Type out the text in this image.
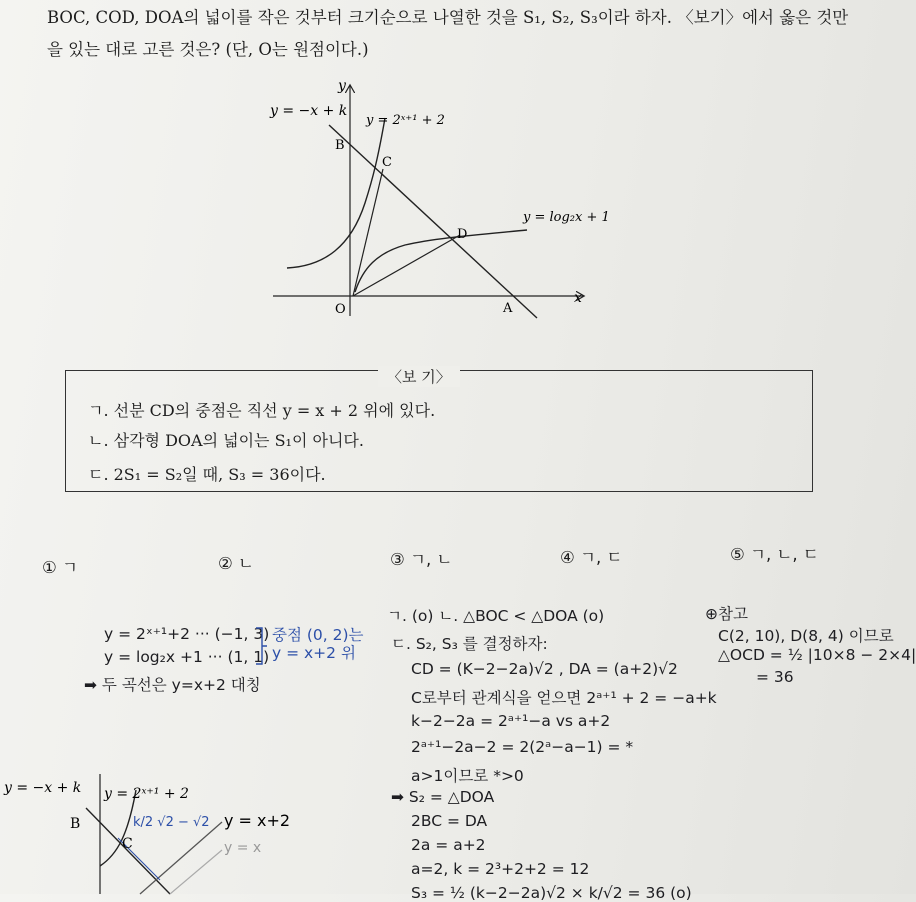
BOC, COD, DOA의 넓이를 작은 것부터 크기순으로 나열한 것을 S₁, S₂, S₃이라 하자. 〈보기〉에서 옳은 것만

을 있는 대로 고른 것은? (단, O는 원점이다.)

y
x
y = −x + k
y = 2ˣ⁺¹ + 2
y = log₂x + 1
B
C
D
O	A
〈보 기〉

ㄱ. 선분 CD의 중점은 직선 y = x + 2 위에 있다.

ㄴ. 삼각형 DOA의 넓이는 S₁이 아니다.

ㄷ. 2S₁ = S₂일 때, S₃ = 36이다.

① ㄱ	② ㄴ	③ ㄱ, ㄴ	④ ㄱ, ㄷ	⑤ ㄱ, ㄴ, ㄷ

y = 2ˣ⁺¹+2 ··· (−1, 3)

y = log₂x +1 ··· (1, 1)

중점 (0, 2)는

y = x+2 위

➡ 두 곡선은 y=x+2 대칭

ㄱ. (o) ㄴ. △BOC < △DOA (o)

ㄷ. S₂, S₃ 를 결정하자:

CD = (K−2−2a)√2 , DA = (a+2)√2

C로부터 관계식을 얻으면 2ᵃ⁺¹ + 2 = −a+k

k−2−2a = 2ᵃ⁺¹−a vs a+2

2ᵃ⁺¹−2a−2 = 2(2ᵃ−a−1) = *

a>1이므로 *>0

➡ S₂ = △DOA

2BC = DA

2a = a+2

a=2, k = 2³+2+2 = 12

S₃ = ½ (k−2−2a)√2 × k/√2 = 36 (o)

⊕참고

C(2, 10), D(8, 4) 이므로

△OCD = ½ |10×8 − 2×4|

= 36

y = −x + k y = 2ˣ⁺¹ + 2
B
C
k/2 √2 − √2 y = x+2
y = x
